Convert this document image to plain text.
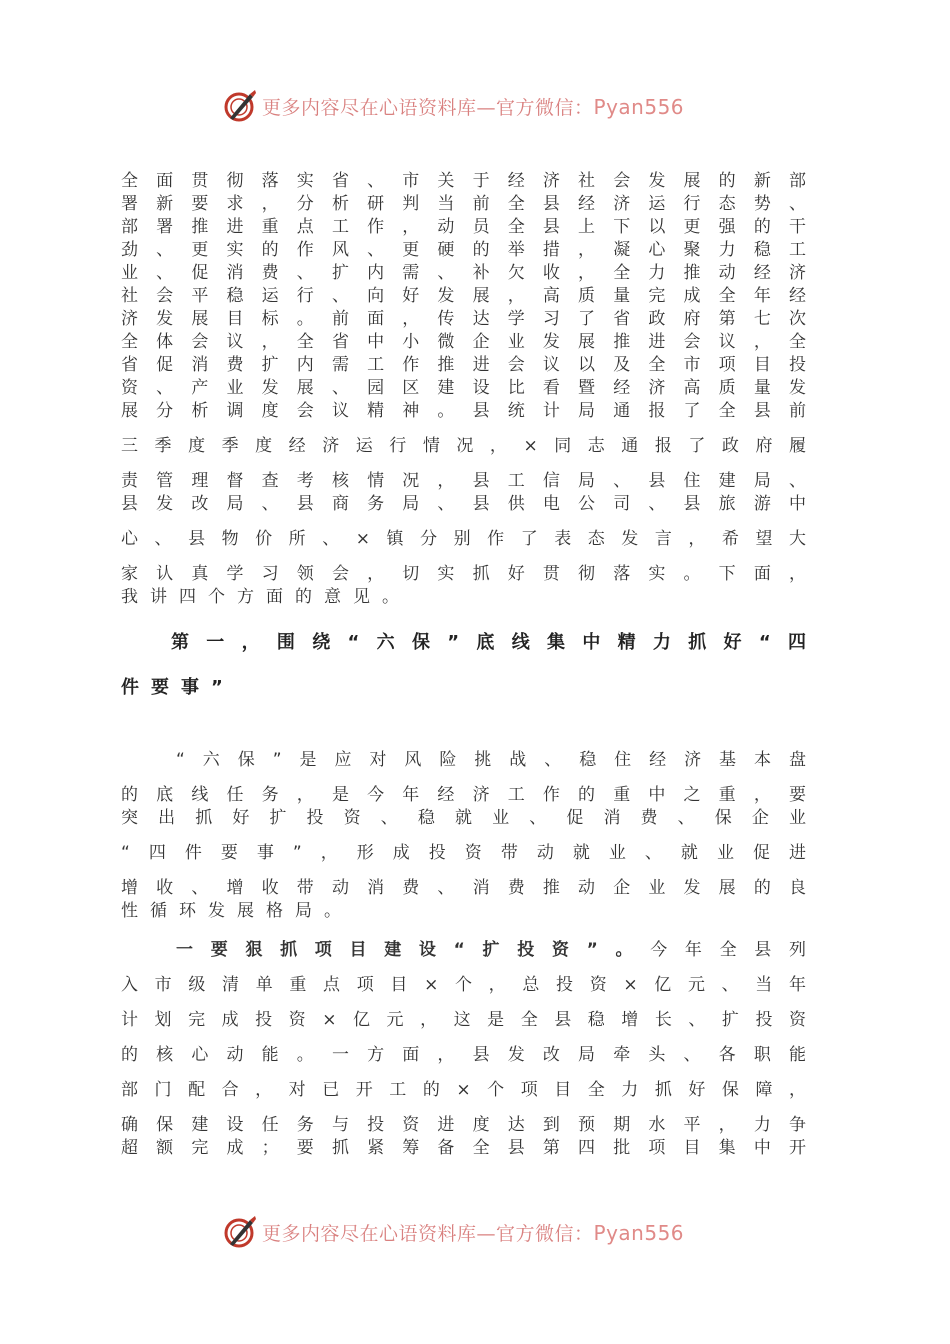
更多内容尽在心语资料库—官方微信：Pyan556
全面贯彻落实省、市关于经济社会发展的新部
署新要求，分析研判当前全县经济运行态势、
部署推进重点工作，动员全县上下以更强的干
劲、更实的作风、更硬的举措，凝心聚力稳工
业、促消费、扩内需、补欠收，全力推动经济
社会平稳运行、向好发展，高质量完成全年经
济发展目标。前面，传达学习了省政府第七次
全体会议，全省中小微企业发展推进会议，全
省促消费扩内需工作推进会议以及全市项目投
资、产业发展、园区建设比看暨经济高质量发
展分析调度会议精神。县统计局通报了全县前
三季度季度经济运行情况，×同志通报了政府履
责管理督查考核情况，县工信局、县住建局、
县发改局、县商务局、县供电公司、县旅游中
心、县物价所、×镇分别作了表态发言，希望大
家认真学习领会，切实抓好贯彻落实。下面，
我讲四个方面的意见。
第一，围绕“六保”底线集中精力抓好“四
件要事”
“六保”是应对风险挑战、稳住经济基本盘
的底线任务，是今年经济工作的重中之重，要
突出抓好扩投资、稳就业、促消费、保企业
“四件要事”，形成投资带动就业、就业促进
增收、增收带动消费、消费推动企业发展的良
性循环发展格局。
一要狠抓项目建设“扩投资”。今年全县列
入市级清单重点项目×个，总投资×亿元、当年
计划完成投资×亿元，这是全县稳增长、扩投资
的核心动能。一方面，县发改局牵头、各职能
部门配合，对已开工的×个项目全力抓好保障，
确保建设任务与投资进度达到预期水平，力争
超额完成；要抓紧筹备全县第四批项目集中开
更多内容尽在心语资料库—官方微信：Pyan556
